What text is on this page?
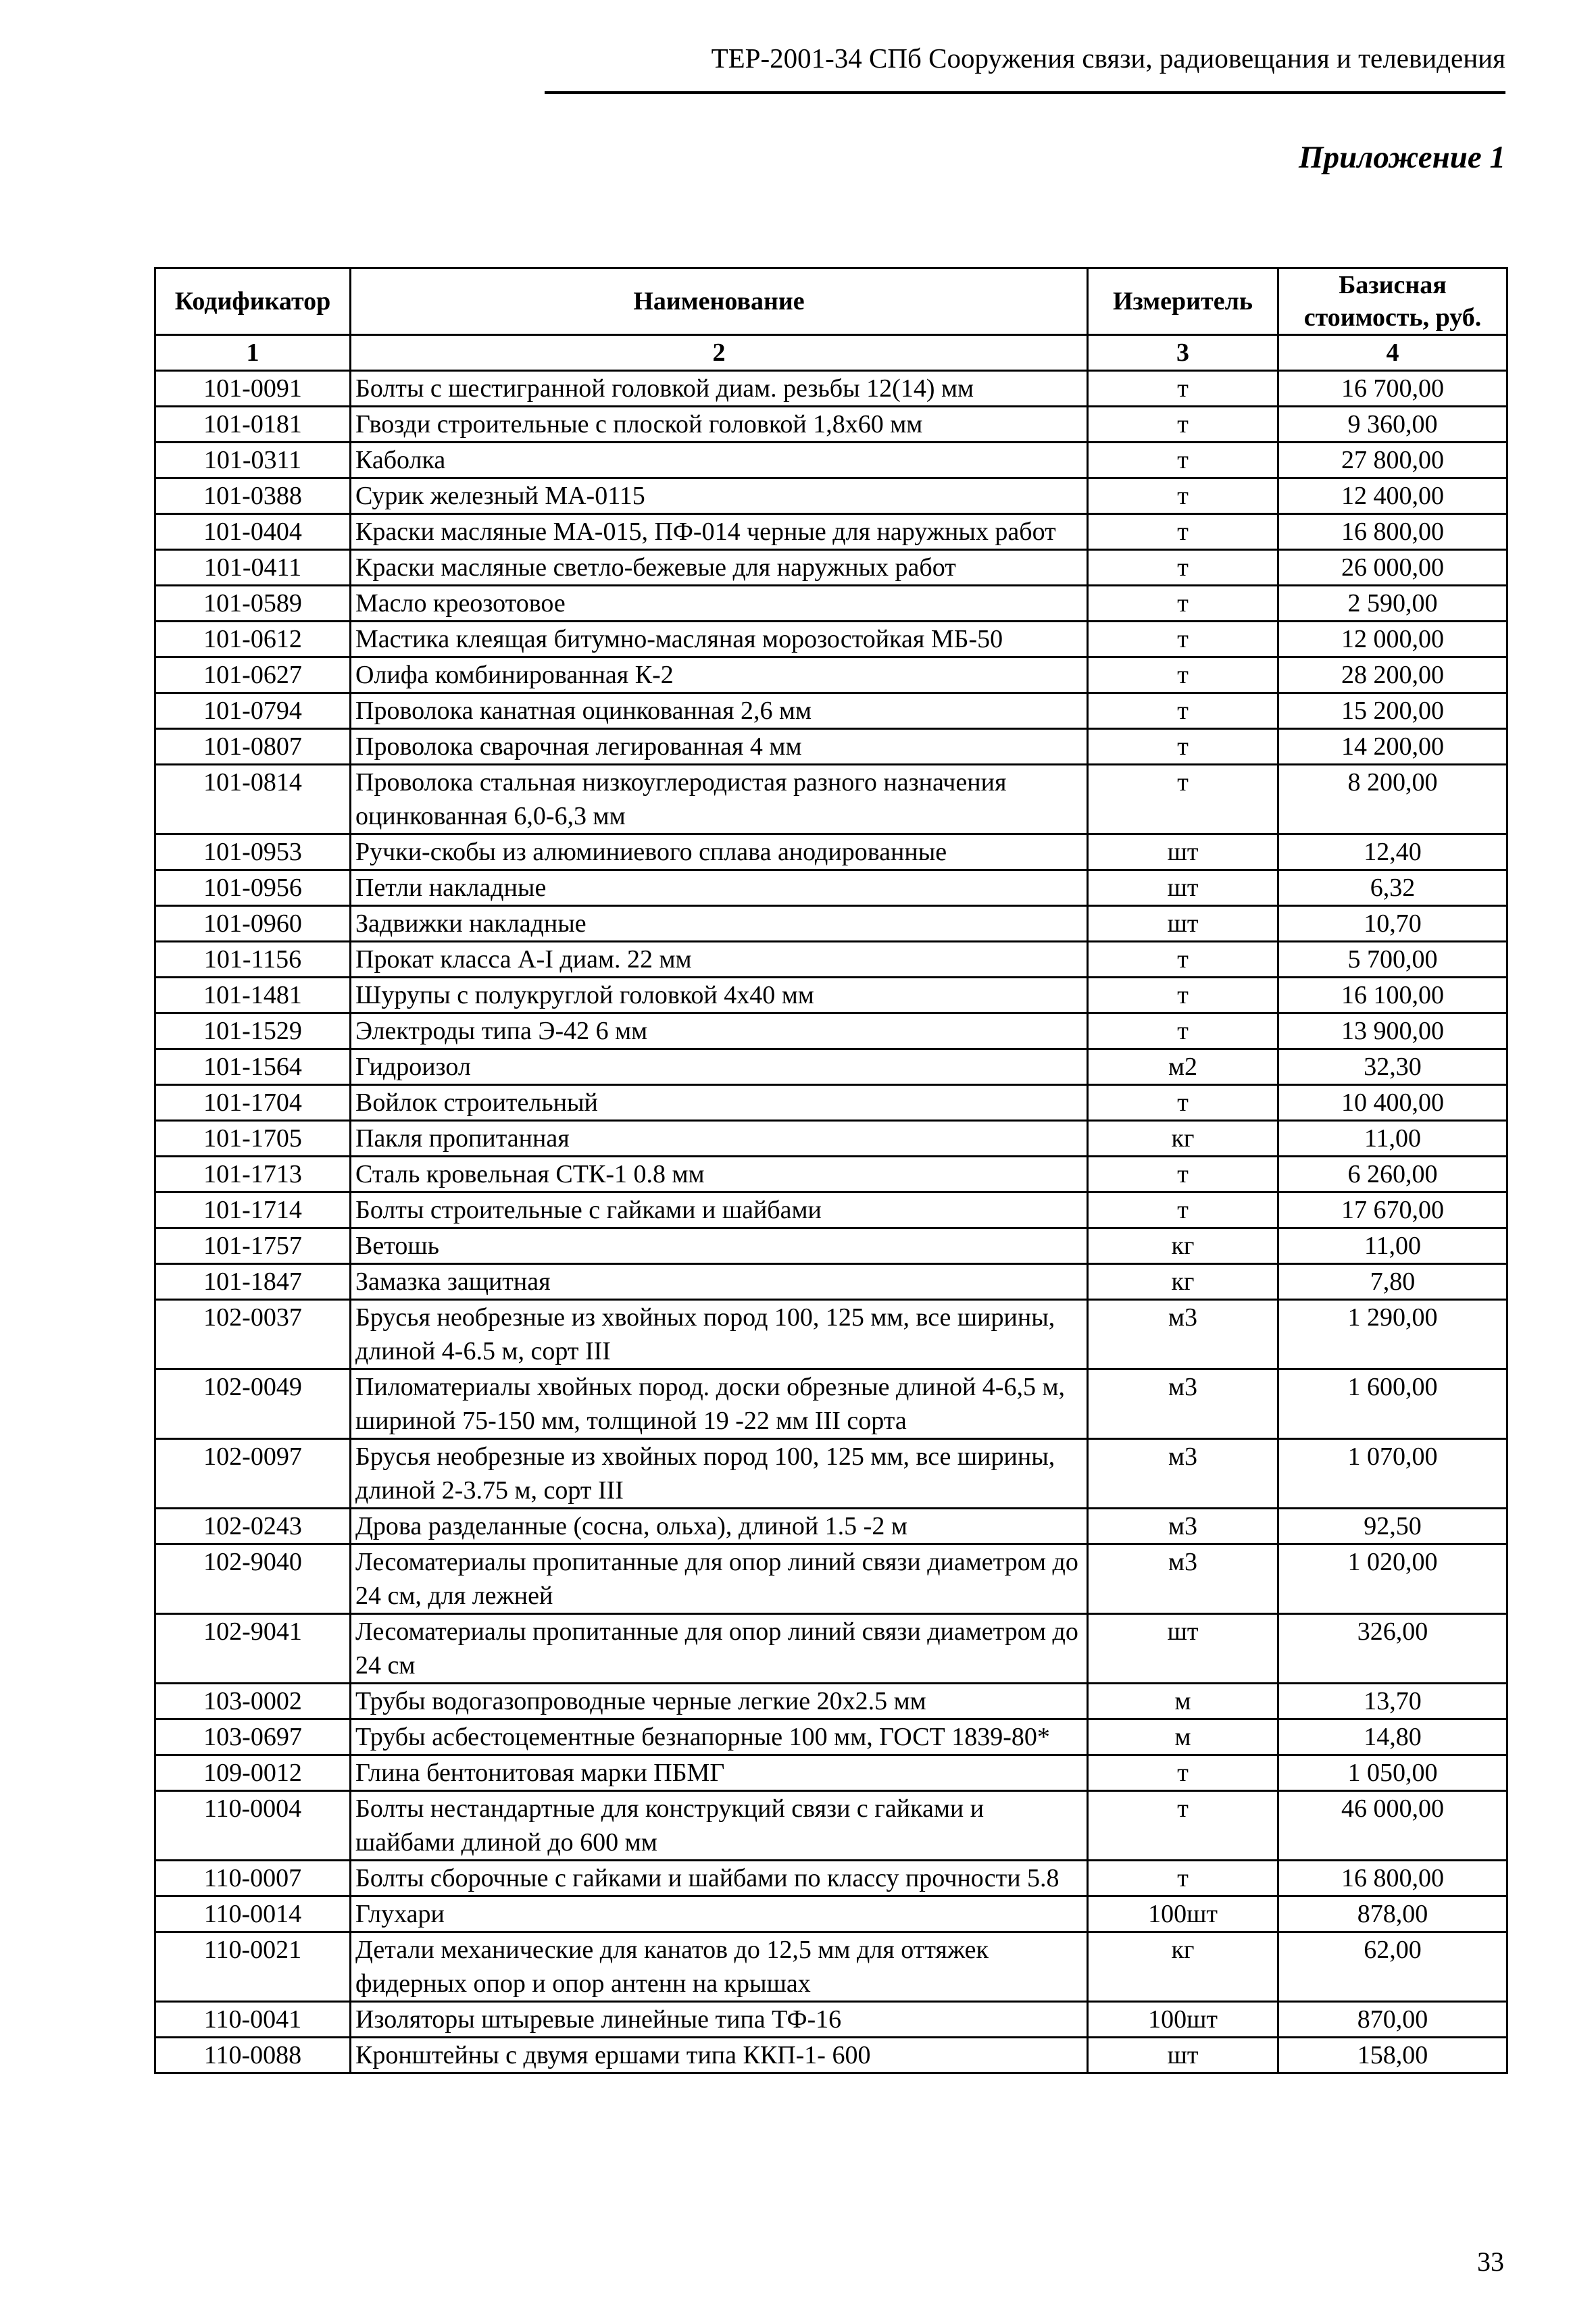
ТЕР-2001-34 СПб Сооружения связи, радиовещания и телевидения
Приложение 1
Кодификатор	Наименование	Измеритель	Базисная стоимость, руб.
1	2	3	4
101-0091	Болты с шестигранной головкой диам. резьбы 12(14) мм	т	16 700,00
101-0181	Гвозди строительные с плоской головкой 1,8х60 мм	т	9 360,00
101-0311	Каболка	т	27 800,00
101-0388	Сурик железный МА-0115	т	12 400,00
101-0404	Краски масляные МА-015, ПФ-014 черные для наружных работ	т	16 800,00
101-0411	Краски масляные светло-бежевые для наружных работ	т	26 000,00
101-0589	Масло креозотовое	т	2 590,00
101-0612	Мастика клеящая битумно-масляная морозостойкая МБ-50	т	12 000,00
101-0627	Олифа комбинированная К-2	т	28 200,00
101-0794	Проволока канатная оцинкованная 2,6 мм	т	15 200,00
101-0807	Проволока сварочная легированная 4 мм	т	14 200,00
101-0814	Проволока стальная низкоуглеродистая разного назначения оцинкованная 6,0-6,3 мм	т	8 200,00
101-0953	Ручки-скобы из алюминиевого сплава анодированные	шт	12,40
101-0956	Петли накладные	шт	6,32
101-0960	Задвижки накладные	шт	10,70
101-1156	Прокат класса А-I диам. 22 мм	т	5 700,00
101-1481	Шурупы с полукруглой головкой 4х40 мм	т	16 100,00
101-1529	Электроды типа Э-42 6 мм	т	13 900,00
101-1564	Гидроизол	м2	32,30
101-1704	Войлок строительный	т	10 400,00
101-1705	Пакля пропитанная	кг	11,00
101-1713	Сталь кровельная СТК-1 0.8 мм	т	6 260,00
101-1714	Болты строительные с гайками и шайбами	т	17 670,00
101-1757	Ветошь	кг	11,00
101-1847	Замазка защитная	кг	7,80
102-0037	Брусья необрезные из хвойных пород 100, 125 мм, все ширины, длиной 4-6.5 м, сорт III	м3	1 290,00
102-0049	Пиломатериалы хвойных пород. доски обрезные длиной 4-6,5 м, шириной 75-150 мм, толщиной 19 -22 мм III сорта	м3	1 600,00
102-0097	Брусья необрезные из хвойных пород 100, 125 мм, все ширины, длиной 2-3.75 м, сорт III	м3	1 070,00
102-0243	Дрова разделанные (сосна, ольха), длиной 1.5 -2 м	м3	92,50
102-9040	Лесоматериалы пропитанные для опор линий связи диаметром до 24 см, для лежней	м3	1 020,00
102-9041	Лесоматериалы пропитанные для опор линий связи диаметром до 24 см	шт	326,00
103-0002	Трубы водогазопроводные черные легкие 20х2.5 мм	м	13,70
103-0697	Трубы асбестоцементные безнапорные 100 мм, ГОСТ 1839-80*	м	14,80
109-0012	Глина бентонитовая марки ПБМГ	т	1 050,00
110-0004	Болты нестандартные для конструкций связи с гайками и шайбами длиной до 600 мм	т	46 000,00
110-0007	Болты сборочные с гайками и шайбами по классу прочности 5.8	т	16 800,00
110-0014	Глухари	100шт	878,00
110-0021	Детали механические для канатов до 12,5 мм для оттяжек фидерных опор и опор антенн на крышах	кг	62,00
110-0041	Изоляторы штыревые линейные типа ТФ-16	100шт	870,00
110-0088	Кронштейны с двумя ершами типа ККП-1- 600	шт	158,00
33
